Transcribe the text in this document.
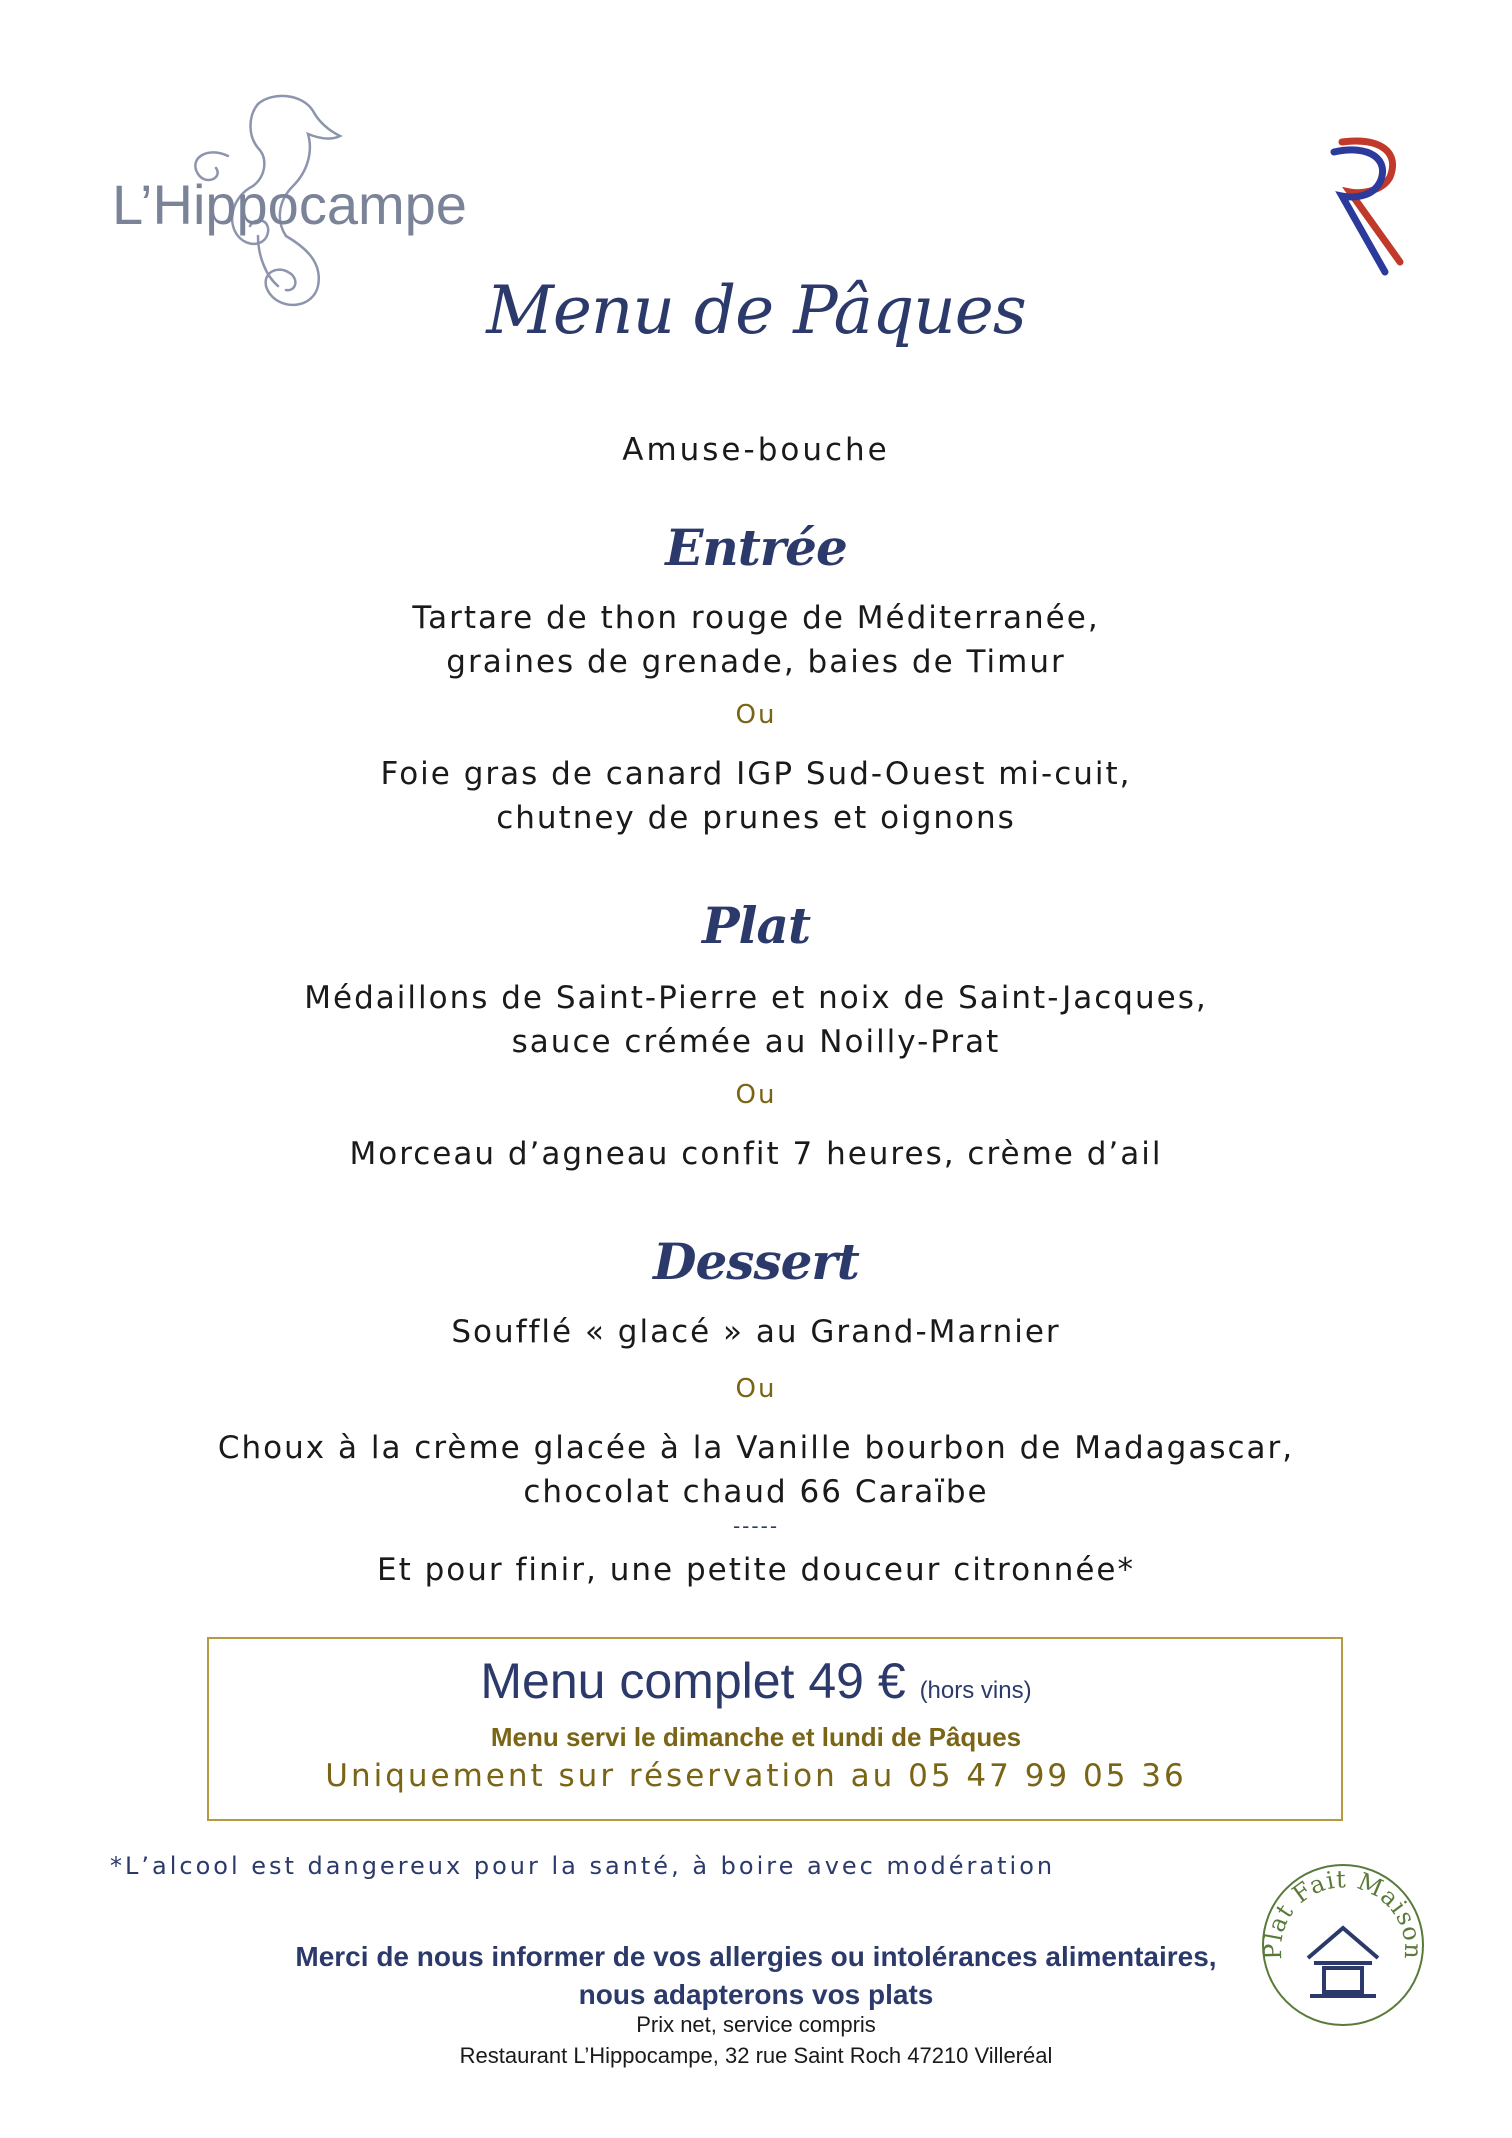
L’Hippocampe
Menu de Pâques
Amuse-bouche
Entrée
Tartare de thon rouge de Méditerranée,
graines de grenade, baies de Timur
Ou
Foie gras de canard IGP Sud-Ouest mi-cuit,
chutney de prunes et oignons
Plat
Médaillons de Saint-Pierre et noix de Saint-Jacques,
sauce crémée au Noilly-Prat
Ou
Morceau d’agneau confit 7 heures, crème d’ail
Dessert
Soufflé « glacé » au Grand-Marnier
Ou
Choux à la crème glacée à la Vanille bourbon de Madagascar,
chocolat chaud 66 Caraïbe
-----
Et pour finir, une petite douceur citronnée*
Menu complet 49 € (hors vins)
Menu servi le dimanche et lundi de Pâques
Uniquement sur réservation au 05 47 99 05 36
*L’alcool est dangereux pour la santé, à boire avec modération
Merci de nous informer de vos allergies ou intolérances alimentaires,
nous adapterons vos plats
Prix net, service compris
Restaurant L’Hippocampe, 32 rue Saint Roch 47210 Villeréal
Plat Fait Maison
